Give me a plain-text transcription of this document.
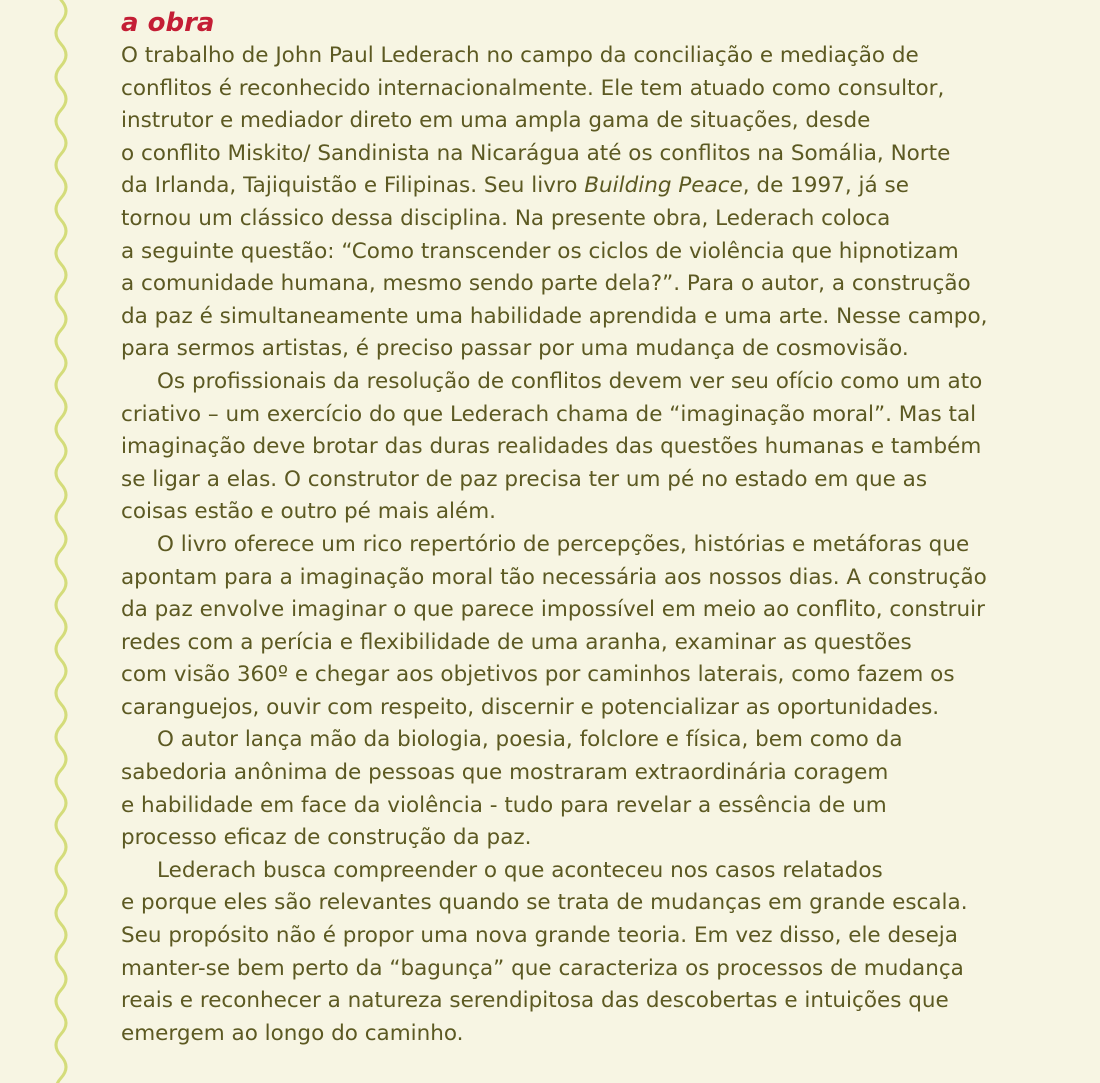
a obra
O trabalho de John Paul Lederach no campo da conciliação e mediação de
conflitos é reconhecido internacionalmente. Ele tem atuado como consultor,
instrutor e mediador direto em uma ampla gama de situações, desde
o conflito Miskito/ Sandinista na Nicarágua até os conflitos na Somália, Norte
da Irlanda, Tajiquistão e Filipinas. Seu livro Building Peace, de 1997, já se
tornou um clássico dessa disciplina. Na presente obra, Lederach coloca
a seguinte questão: “Como transcender os ciclos de violência que hipnotizam
a comunidade humana, mesmo sendo parte dela?”. Para o autor, a construção
da paz é simultaneamente uma habilidade aprendida e uma arte. Nesse campo,
para sermos artistas, é preciso passar por uma mudança de cosmovisão.
Os profissionais da resolução de conflitos devem ver seu ofício como um ato
criativo – um exercício do que Lederach chama de “imaginação moral”. Mas tal
imaginação deve brotar das duras realidades das questões humanas e também
se ligar a elas. O construtor de paz precisa ter um pé no estado em que as
coisas estão e outro pé mais além.
O livro oferece um rico repertório de percepções, histórias e metáforas que
apontam para a imaginação moral tão necessária aos nossos dias. A construção
da paz envolve imaginar o que parece impossível em meio ao conflito, construir
redes com a perícia e flexibilidade de uma aranha, examinar as questões
com visão 360º e chegar aos objetivos por caminhos laterais, como fazem os
caranguejos, ouvir com respeito, discernir e potencializar as oportunidades.
O autor lança mão da biologia, poesia, folclore e física, bem como da
sabedoria anônima de pessoas que mostraram extraordinária coragem
e habilidade em face da violência - tudo para revelar a essência de um
processo eficaz de construção da paz.
Lederach busca compreender o que aconteceu nos casos relatados
e porque eles são relevantes quando se trata de mudanças em grande escala.
Seu propósito não é propor uma nova grande teoria. Em vez disso, ele deseja
manter-se bem perto da “bagunça” que caracteriza os processos de mudança
reais e reconhecer a natureza serendipitosa das descobertas e intuições que
emergem ao longo do caminho.
